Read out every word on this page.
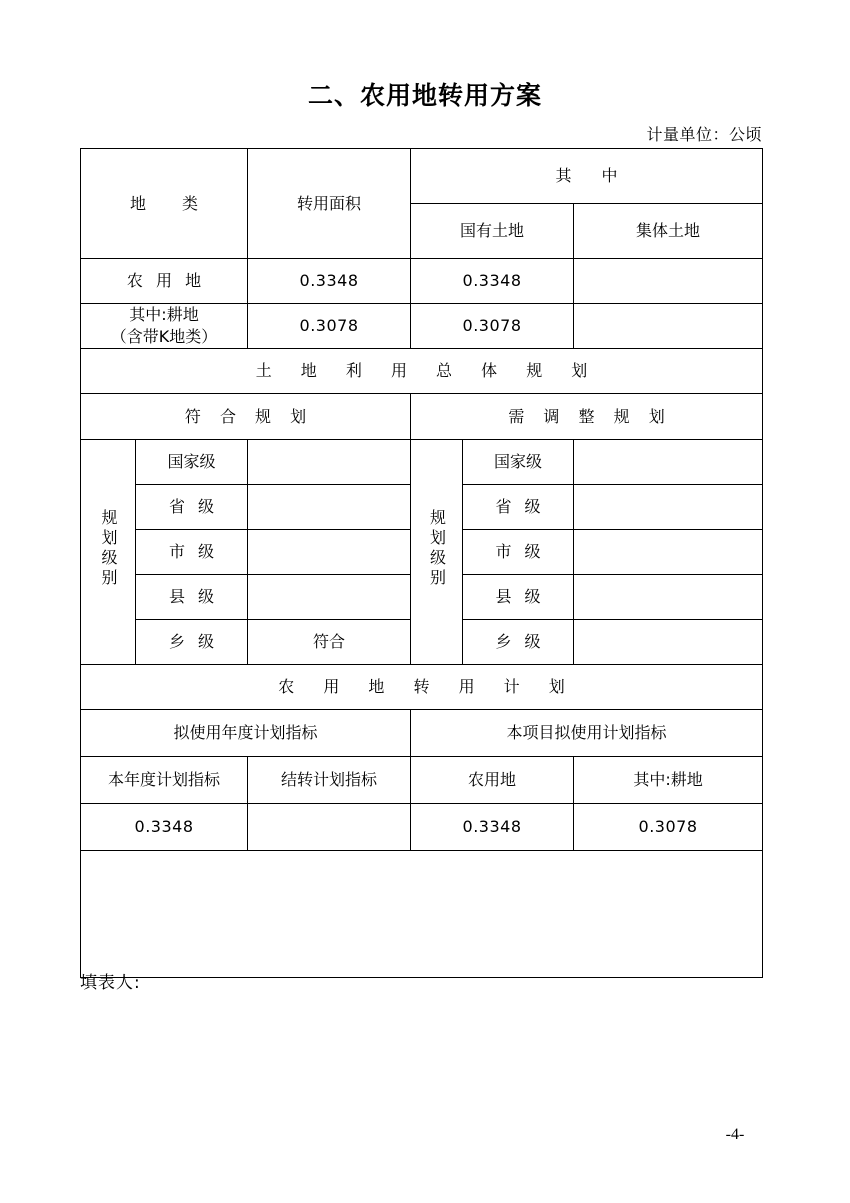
二、农用地转用方案
计量单位：公顷
地　类		转用面积	其　中		
			国有土地		集体土地
农 用 地		0.3348	0.3348		

其中:耕地
（含带K地类）		0.3078	0.3078		
土 地 利 用 总 体 规 划					
符 合 规 划			需 调 整 规 划		
规划级别	国家级		规划级别	国家级	
	省 级			省 级	
	市 级			市 级	
	县 级			县 级	
	乡 级	符合		乡 级	
农 用 地 转 用 计 划					
拟使用年度计划指标			本项目拟使用计划指标		
本年度计划指标		结转计划指标	农用地		其中:耕地
0.3348			0.3348		0.3078

填表人:
-4-
